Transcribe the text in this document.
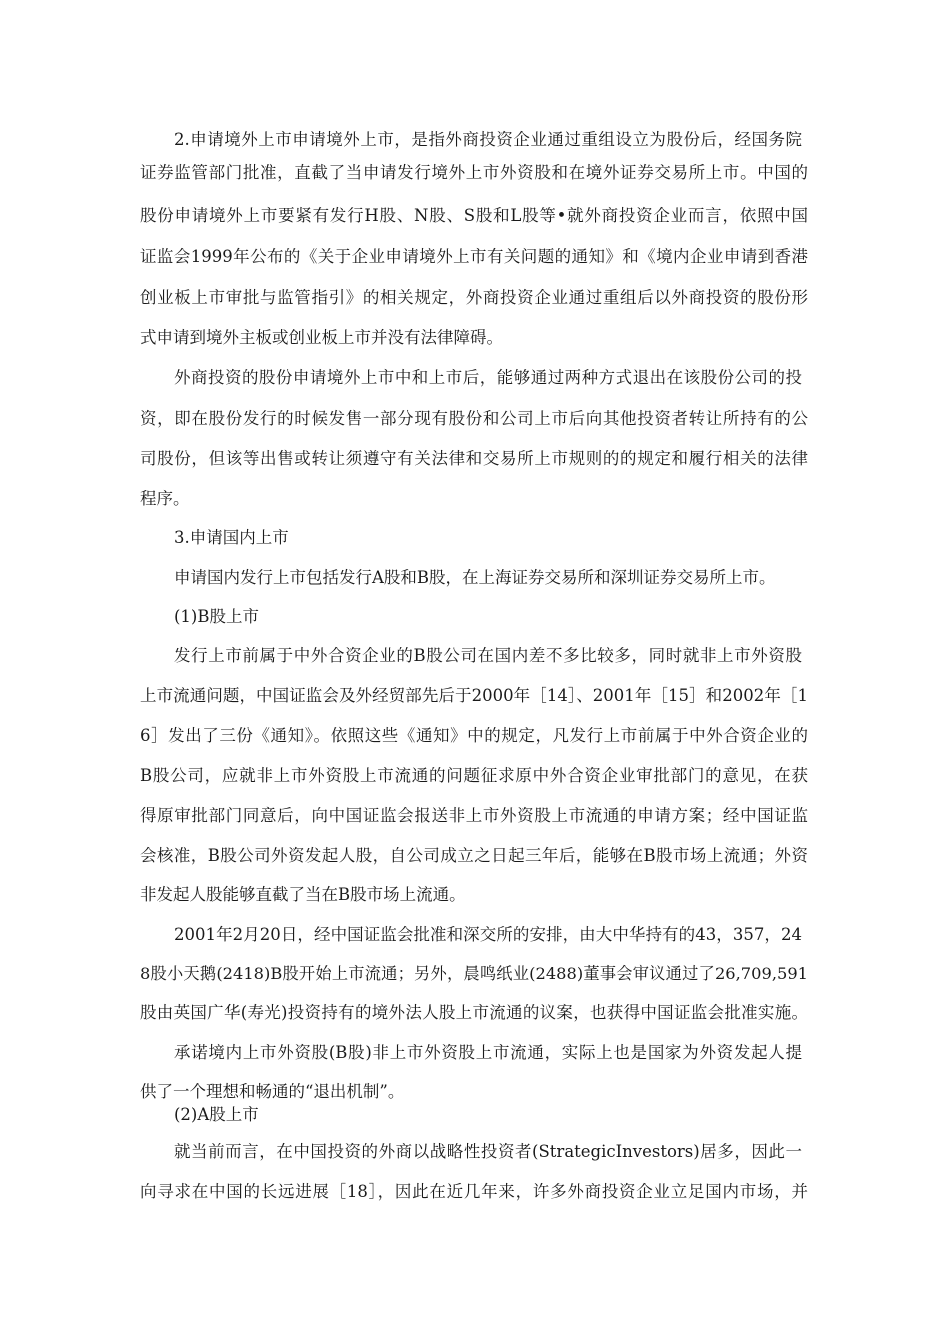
2.申请境外上市申请境外上市，是指外商投资企业通过重组设立为股份后，经国务院
证券监管部门批准，直截了当申请发行境外上市外资股和在境外证券交易所上市。中国的
股份申请境外上市要紧有发行H股、N股、S股和L股等•就外商投资企业而言，依照中国
证监会1999年公布的《关于企业申请境外上市有关问题的通知》和《境内企业申请到香港
创业板上市审批与监管指引》的相关规定，外商投资企业通过重组后以外商投资的股份形
式申请到境外主板或创业板上市并没有法律障碍。
外商投资的股份申请境外上市中和上市后，能够通过两种方式退出在该股份公司的投
资，即在股份发行的时候发售一部分现有股份和公司上市后向其他投资者转让所持有的公
司股份，但该等出售或转让须遵守有关法律和交易所上市规则的的规定和履行相关的法律
程序。
3.申请国内上市
申请国内发行上市包括发行A股和B股，在上海证券交易所和深圳证券交易所上市。
(1)B股上市
发行上市前属于中外合资企业的B股公司在国内差不多比较多，同时就非上市外资股
上市流通问题，中国证监会及外经贸部先后于2000年［14］、2001年［15］和2002年［1
6］发出了三份《通知》。依照这些《通知》中的规定，凡发行上市前属于中外合资企业的
B股公司，应就非上市外资股上市流通的问题征求原中外合资企业审批部门的意见，在获
得原审批部门同意后，向中国证监会报送非上市外资股上市流通的申请方案；经中国证监
会核准，B股公司外资发起人股，自公司成立之日起三年后，能够在B股市场上流通；外资
非发起人股能够直截了当在B股市场上流通。
2001年2月20日，经中国证监会批准和深交所的安排，由大中华持有的43，357，24
8股小天鹅(2418)B股开始上市流通；另外，晨鸣纸业(2488)董事会审议通过了26,709,591
股由英国广华(寿光)投资持有的境外法人股上市流通的议案，也获得中国证监会批准实施。
承诺境内上市外资股(B股)非上市外资股上市流通，实际上也是国家为外资发起人提
供了一个理想和畅通的“退出机制”。
(2)A股上市
就当前而言，在中国投资的外商以战略性投资者(StrategicInvestors)居多，因此一
向寻求在中国的长远进展［18］，因此在近几年来，许多外商投资企业立足国内市场，并
